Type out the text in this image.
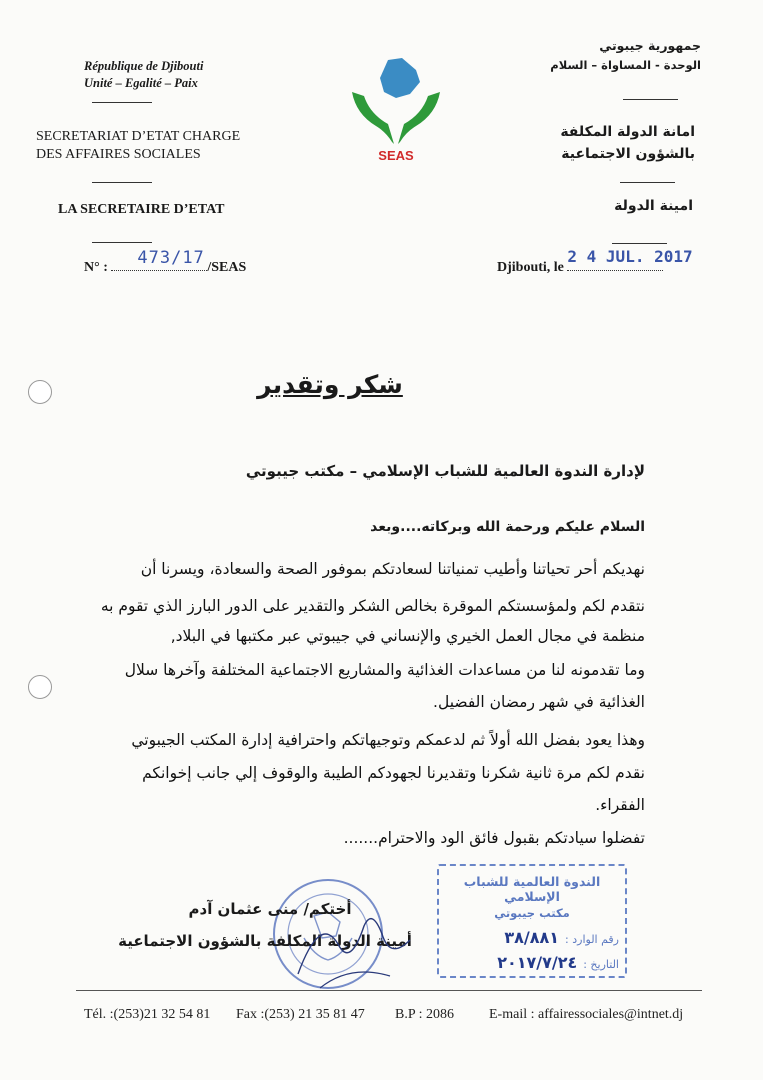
République de Djibouti
Unité – Egalité – Paix
SECRETARIAT D’ETAT CHARGE
DES AFFAIRES SOCIALES
LA SECRETAIRE D’ETAT
N° : 473/17 /SEAS
SEAS
جمهورية جيبوتي
الوحدة - المساواة – السلام
امانة الدولة المكلفة
بالشؤون الاجتماعية
امينة الدولة
Djibouti, le
2 4 JUL. 2017
شكر وتقدير
لإدارة الندوة العالمية للشباب الإسلامي – مكتب جيبوتي
السلام عليكم ورحمة الله وبركاته....وبعد
نهديكم أحر تحياتنا وأطيب تمنياتنا لسعادتكم بموفور الصحة والسعادة، ويسرنا أن
نتقدم لكم ولمؤسستكم الموقرة بخالص الشكر والتقدير على الدور البارز الذي تقوم به
منظمة في مجال العمل الخيري والإنساني في جيبوتي عبر مكتبها في البلاد,
وما تقدمونه لنا من مساعدات الغذائية والمشاريع الاجتماعية المختلفة وآخرها سلال
الغذائية في شهر رمضان الفضيل.
وهذا يعود بفضل الله أولاً ثم لدعمكم وتوجيهاتكم واحترافية إدارة المكتب الجيبوتي
نقدم لكم مرة ثانية شكرنا وتقديرنا لجهودكم الطيبة والوقوف إلي جانب إخوانكم
الفقراء.
تفضلوا سيادتكم بقبول فائق الود والاحترام.......
الندوة العالمية للشباب الإسلامي
مكتب جيبوتي
رقم الوارد :
٣٨/٨٨١
التاريخ :
٢٠١٧/٧/٢٤
أختكم/ منى عثمان آدم
أمينة الدولة المكلفة بالشؤون الاجتماعية
Tél. :(253)21 32 54 81 Fax :(253) 21 35 81 47 B.P : 2086	E-mail : affairessociales@intnet.dj
